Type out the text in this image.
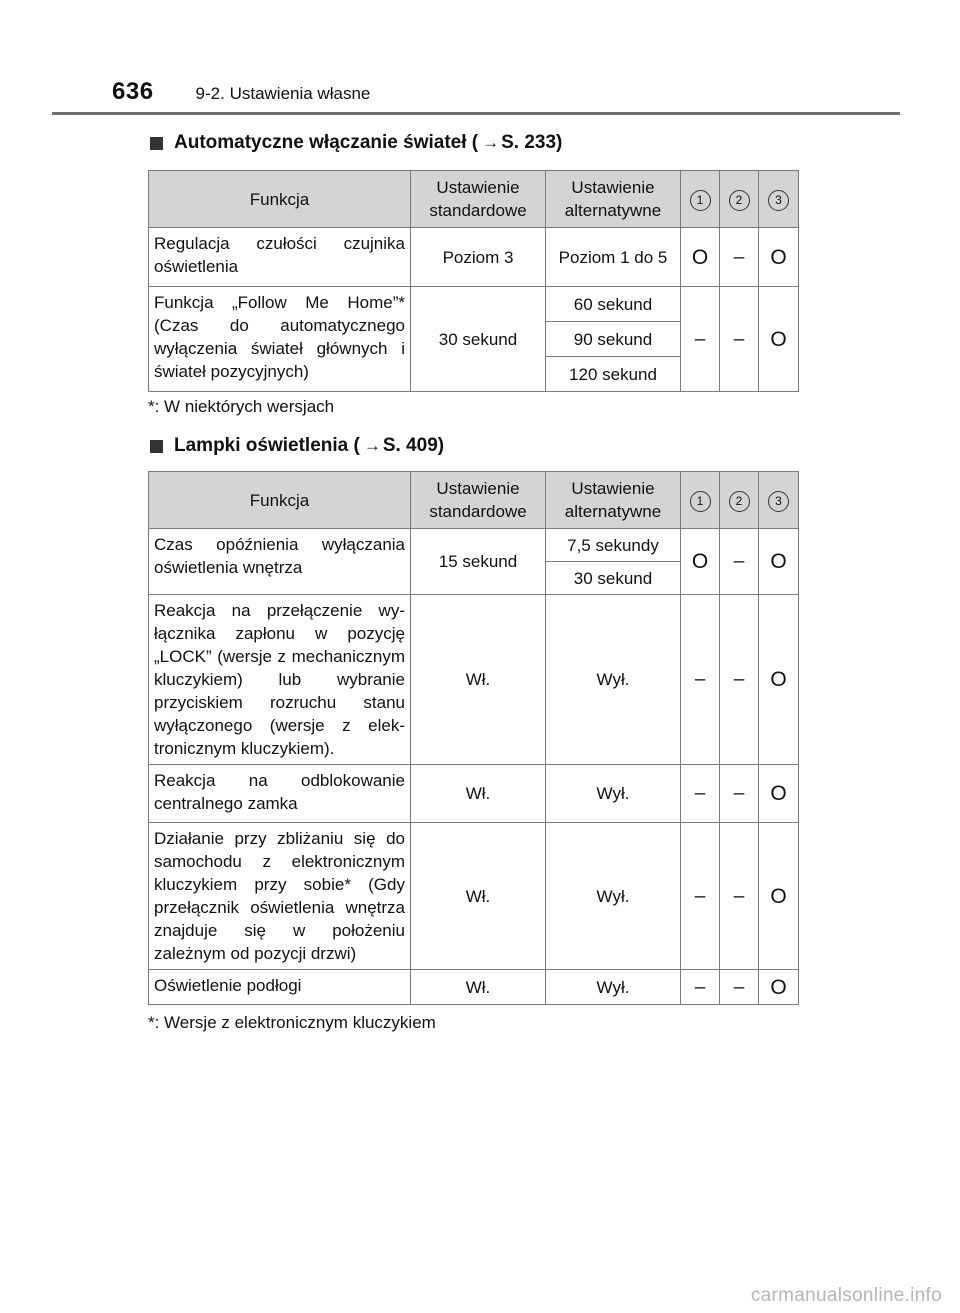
636 9-2. Ustawienia własne
Automatyczne włączanie świateł ( → S. 233)
Funkcja	Ustawienie standardowe	Ustawienie alternatywne	1	2	3
Regulacja czułości czujnika oświetlenia	Poziom 3	Poziom 1 do 5	O	–	O
Funkcja „Follow Me Home”* (Czas do automatycznego wyłączenia świateł głównych i świateł pozycyjnych)	30 sekund	60 sekund	–	–	O
		90 sekund			
		120 sekund			
*: W niektórych wersjach
Lampki oświetlenia ( → S. 409)
Funkcja	Ustawienie standardowe	Ustawienie alternatywne	1	2	3
Czas opóźnienia wyłączania oświetlenia wnętrza	15 sekund	7,5 sekundy	O	–	O
		30 sekund			
Reakcja na przełączenie wyłącznika zapłonu w pozycję „LOCK” (wersje z mechanicznym kluczykiem) lub wybranie przyciskiem rozruchu stanu wyłączonego (wersje z elektronicznym kluczykiem).	Wł.	Wył.	–	–	O
Reakcja na odblokowanie centralnego zamka	Wł.	Wył.	–	–	O
Działanie przy zbliżaniu się do samochodu z elektronicznym kluczykiem przy sobie* (Gdy przełącznik oświetlenia wnętrza znajduje się w położeniu zależnym od pozycji drzwi)	Wł.	Wył.	–	–	O
Oświetlenie podłogi	Wł.	Wył.	–	–	O
*: Wersje z elektronicznym kluczykiem
carmanualsonline.info
